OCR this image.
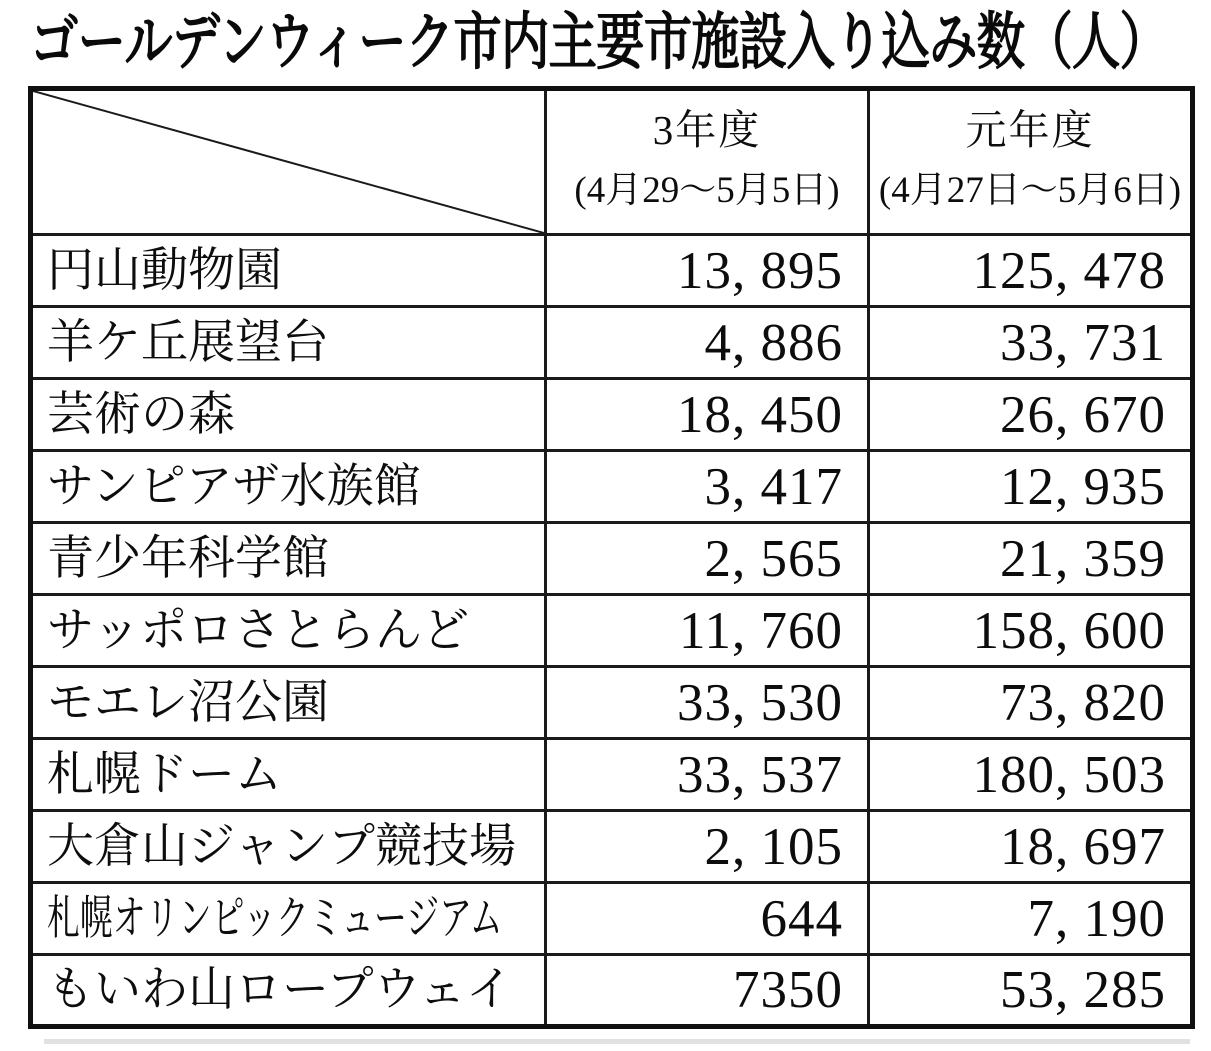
ゴールデンウィーク市内主要市施設入り込み数（人）

3年度
(4月29～5月5日)

元年度
(4月27日～5月6日)

円山動物園	13, 895	125, 478
羊ケ丘展望台	4, 886	33, 731
芸術の森	18, 450	26, 670
サンピアザ水族館	3, 417	12, 935
青少年科学館	2, 565	21, 359
サッポロさとらんど	11, 760	158, 600
モエレ沼公園	33, 530	73, 820
札幌ドーム	33, 537	180, 503
大倉山ジャンプ競技場	2, 105	18, 697
札幌オリンピックミュージアム	644	7, 190
もいわ山ロープウェイ	7350	53, 285
